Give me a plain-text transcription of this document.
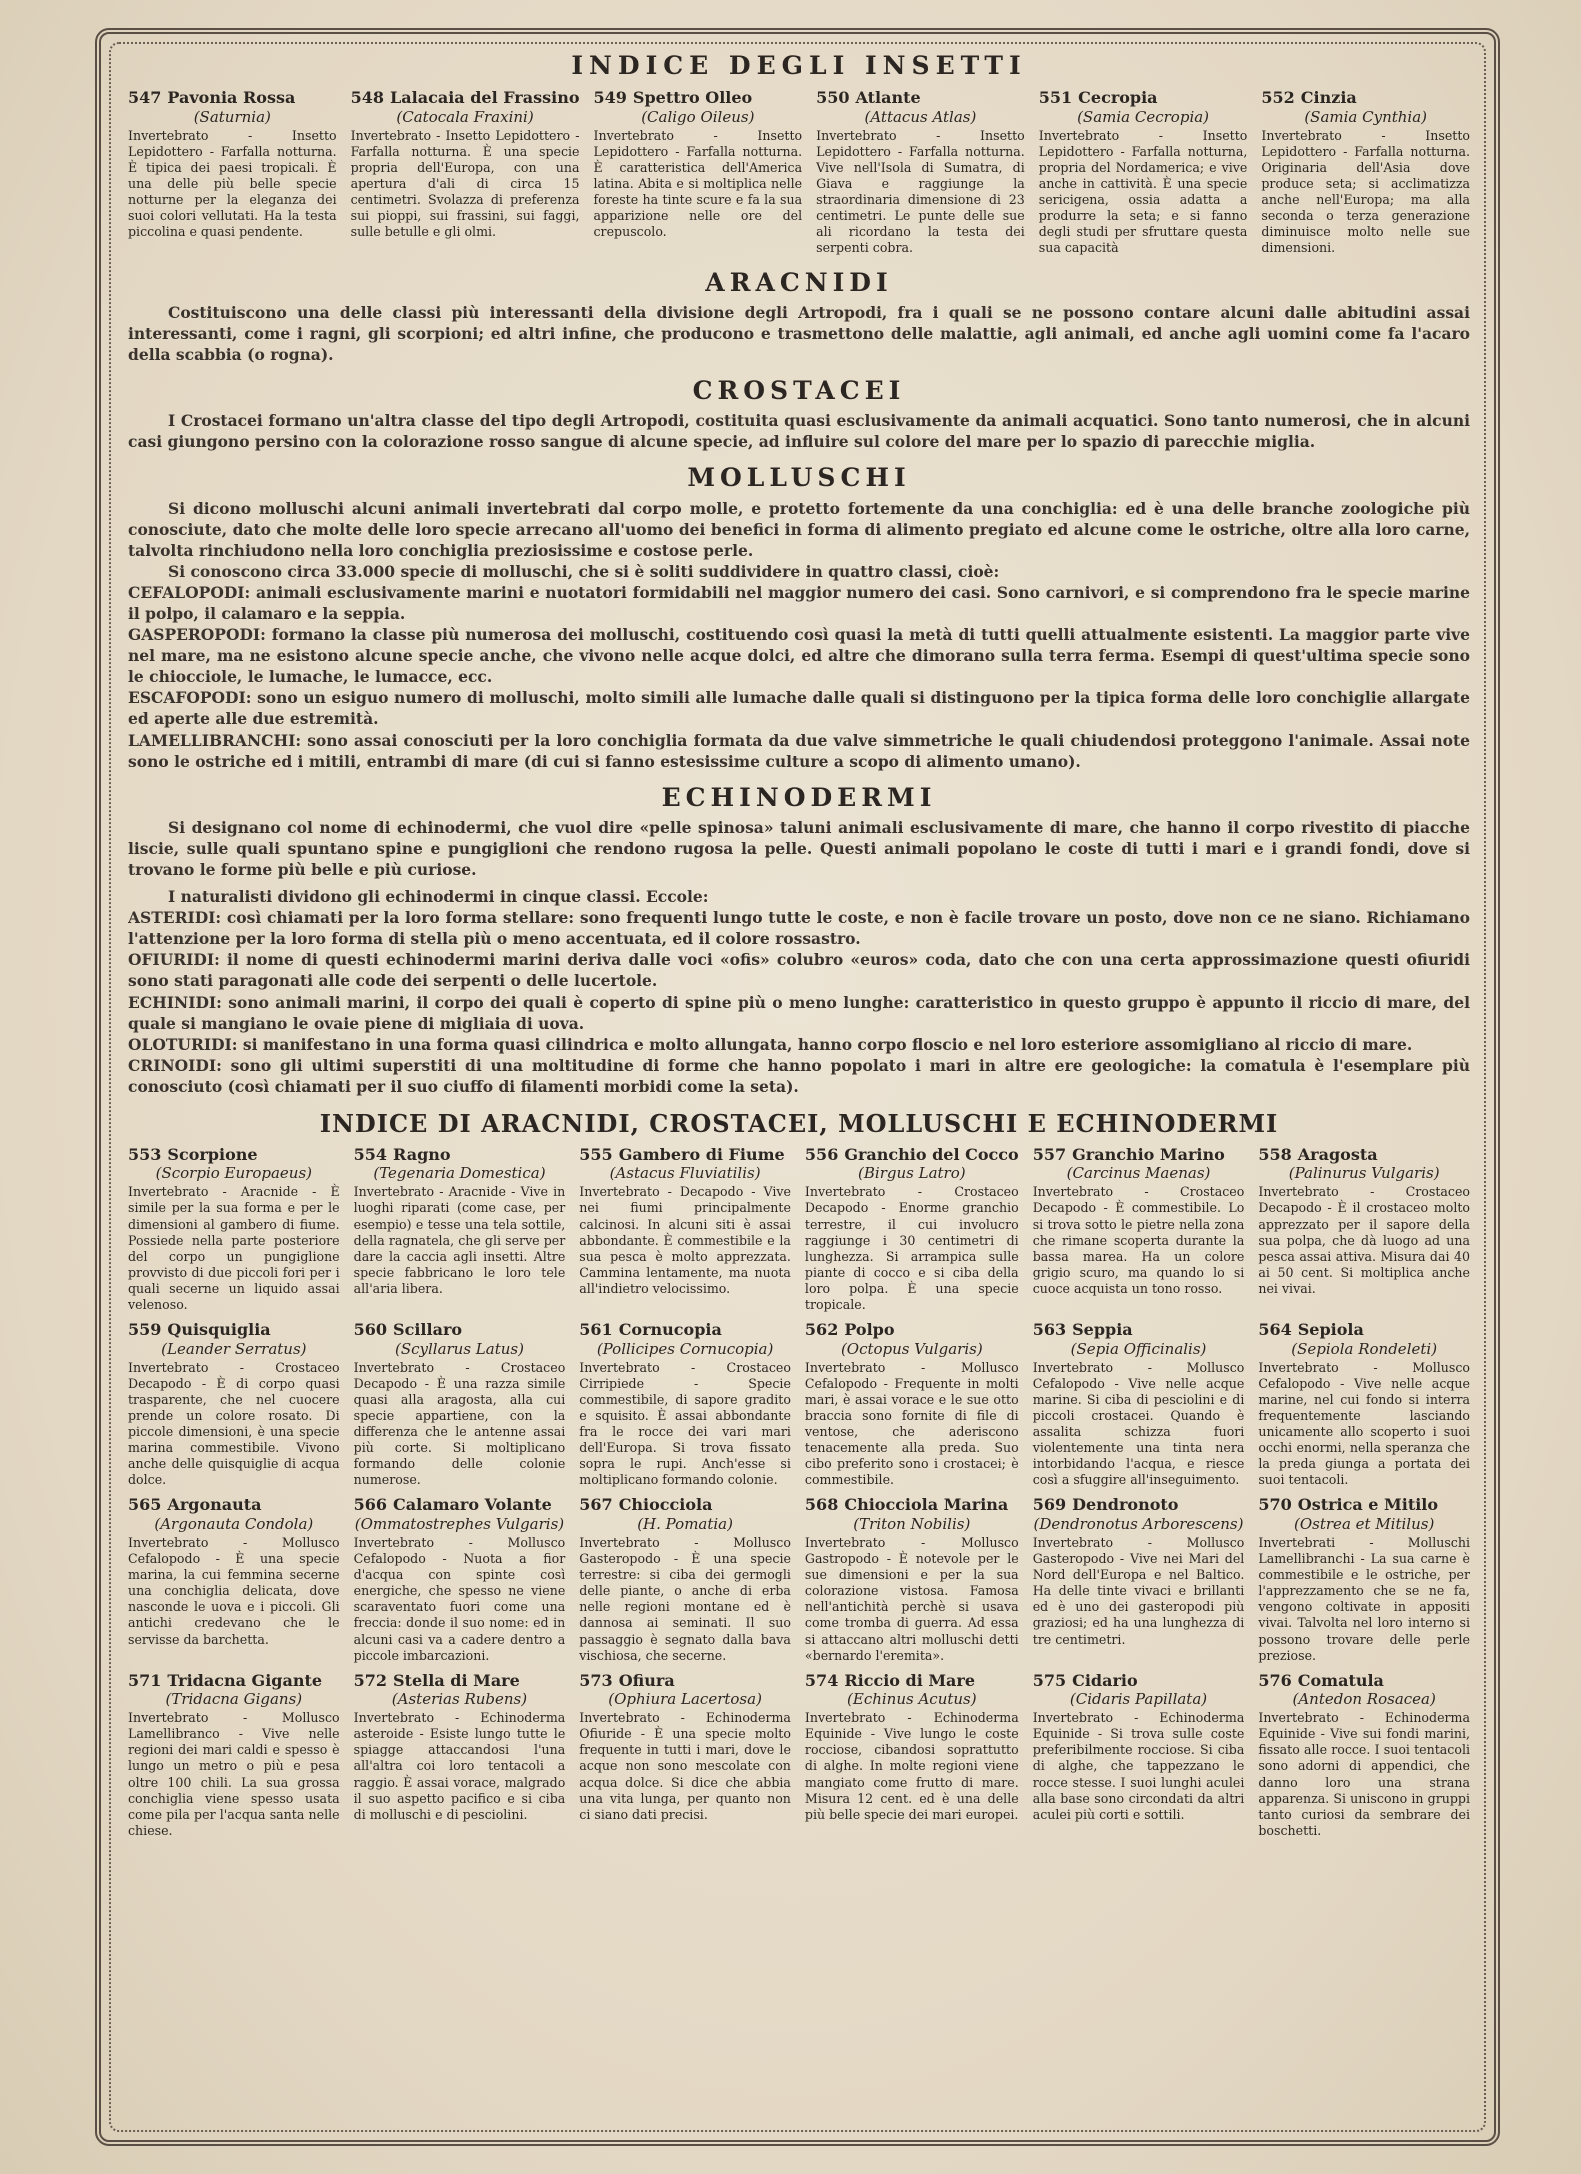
INDICE DEGLI INSETTI
547 Pavonia Rossa
(Saturnia)
Invertebrato - Insetto Lepidottero - Farfalla notturna. È tipica dei paesi tropicali. È una delle più belle specie notturne per la eleganza dei suoi colori vellutati. Ha la testa piccolina e quasi pendente.
548 Lalacaia del Frassino
(Catocala Fraxini)
Invertebrato - Insetto Lepidottero - Farfalla notturna. È una specie propria dell'Europa, con una apertura d'ali di circa 15 centimetri. Svolazza di preferenza sui pioppi, sui frassini, sui faggi, sulle betulle e gli olmi.
549 Spettro Olleo
(Caligo Oileus)
Invertebrato - Insetto Lepidottero - Farfalla notturna. È caratteristica dell'America latina. Abita e si moltiplica nelle foreste ha tinte scure e fa la sua apparizione nelle ore del crepuscolo.
550 Atlante
(Attacus Atlas)
Invertebrato - Insetto Lepidottero - Farfalla notturna. Vive nell'Isola di Sumatra, di Giava e raggiunge la straordinaria dimensione di 23 centimetri. Le punte delle sue ali ricordano la testa dei serpenti cobra.
551 Cecropia
(Samia Cecropia)
Invertebrato - Insetto Lepidottero - Farfalla notturna, propria del Nordamerica; e vive anche in cattività. È una specie sericigena, ossia adatta a produrre la seta; e si fanno degli studi per sfruttare questa sua capacità
552 Cinzia
(Samia Cynthia)
Invertebrato - Insetto Lepidottero - Farfalla notturna. Originaria dell'Asia dove produce seta; si acclimatizza anche nell'Europa; ma alla seconda o terza generazione diminuisce molto nelle sue dimensioni.
ARACNIDI

Costituiscono una delle classi più interessanti della divisione degli Artropodi, fra i quali se ne possono contare alcuni dalle abitudini assai interessanti, come i ragni, gli scorpioni; ed altri infine, che producono e trasmettono delle malattie, agli animali, ed anche agli uomini come fa l'acaro della scabbia (o rogna).

CROSTACEI

I Crostacei formano un'altra classe del tipo degli Artropodi, costituita quasi esclusivamente da animali acquatici. Sono tanto numerosi, che in alcuni casi giungono persino con la colorazione rosso sangue di alcune specie, ad influire sul colore del mare per lo spazio di parecchie miglia.

MOLLUSCHI

Si dicono molluschi alcuni animali invertebrati dal corpo molle, e protetto fortemente da una conchiglia: ed è una delle branche zoologiche più conosciute, dato che molte delle loro specie arrecano all'uomo dei benefici in forma di alimento pregiato ed alcune come le ostriche, oltre alla loro carne, talvolta rinchiudono nella loro conchiglia preziosissime e costose perle.

Si conoscono circa 33.000 specie di molluschi, che si è soliti suddividere in quattro classi, cioè:

CEFALOPODI: animali esclusivamente marini e nuotatori formidabili nel maggior numero dei casi. Sono carnivori, e si comprendono fra le specie marine il polpo, il calamaro e la seppia.

GASPEROPODI: formano la classe più numerosa dei molluschi, costituendo così quasi la metà di tutti quelli attualmente esistenti. La maggior parte vive nel mare, ma ne esistono alcune specie anche, che vivono nelle acque dolci, ed altre che dimorano sulla terra ferma. Esempi di quest'ultima specie sono le chiocciole, le lumache, le lumacce, ecc.

ESCAFOPODI: sono un esiguo numero di molluschi, molto simili alle lumache dalle quali si distinguono per la tipica forma delle loro conchiglie allargate ed aperte alle due estremità.

LAMELLIBRANCHI: sono assai conosciuti per la loro conchiglia formata da due valve simmetriche le quali chiudendosi proteggono l'animale. Assai note sono le ostriche ed i mitili, entrambi di mare (di cui si fanno estesissime culture a scopo di alimento umano).

ECHINODERMI

Si designano col nome di echinodermi, che vuol dire «pelle spinosa» taluni animali esclusivamente di mare, che hanno il corpo rivestito di piacche liscie, sulle quali spuntano spine e pungiglioni che rendono rugosa la pelle. Questi animali popolano le coste di tutti i mari e i grandi fondi, dove si trovano le forme più belle e più curiose.

I naturalisti dividono gli echinodermi in cinque classi. Eccole:

ASTERIDI: così chiamati per la loro forma stellare: sono frequenti lungo tutte le coste, e non è facile trovare un posto, dove non ce ne siano. Richiamano l'attenzione per la loro forma di stella più o meno accentuata, ed il colore rossastro.

OFIURIDI: il nome di questi echinodermi marini deriva dalle voci «ofis» colubro «euros» coda, dato che con una certa approssimazione questi ofiuridi sono stati paragonati alle code dei serpenti o delle lucertole.

ECHINIDI: sono animali marini, il corpo dei quali è coperto di spine più o meno lunghe: caratteristico in questo gruppo è appunto il riccio di mare, del quale si mangiano le ovaie piene di migliaia di uova.

OLOTURIDI: si manifestano in una forma quasi cilindrica e molto allungata, hanno corpo floscio e nel loro esteriore assomigliano al riccio di mare.

CRINOIDI: sono gli ultimi superstiti di una moltitudine di forme che hanno popolato i mari in altre ere geologiche: la comatula è l'esemplare più conosciuto (così chiamati per il suo ciuffo di filamenti morbidi come la seta).

INDICE DI ARACNIDI, CROSTACEI, MOLLUSCHI E ECHINODERMI
553 Scorpione
(Scorpio Europaeus)
Invertebrato - Aracnide - È simile per la sua forma e per le dimensioni al gambero di fiume. Possiede nella parte posteriore del corpo un pungiglione provvisto di due piccoli fori per i quali secerne un liquido assai velenoso.
554 Ragno
(Tegenaria Domestica)
Invertebrato - Aracnide - Vive in luoghi riparati (come case, per esempio) e tesse una tela sottile, della ragnatela, che gli serve per dare la caccia agli insetti. Altre specie fabbricano le loro tele all'aria libera.
555 Gambero di Fiume
(Astacus Fluviatilis)
Invertebrato - Decapodo - Vive nei fiumi principalmente calcinosi. In alcuni siti è assai abbondante. È commestibile e la sua pesca è molto apprezzata. Cammina lentamente, ma nuota all'indietro velocissimo.
556 Granchio del Cocco
(Birgus Latro)
Invertebrato - Crostaceo Decapodo - Enorme granchio terrestre, il cui involucro raggiunge i 30 centimetri di lunghezza. Si arrampica sulle piante di cocco e si ciba della loro polpa. È una specie tropicale.
557 Granchio Marino
(Carcinus Maenas)
Invertebrato - Crostaceo Decapodo - È commestibile. Lo si trova sotto le pietre nella zona che rimane scoperta durante la bassa marea. Ha un colore grigio scuro, ma quando lo si cuoce acquista un tono rosso.
558 Aragosta
(Palinurus Vulgaris)
Invertebrato - Crostaceo Decapodo - È il crostaceo molto apprezzato per il sapore della sua polpa, che dà luogo ad una pesca assai attiva. Misura dai 40 ai 50 cent. Si moltiplica anche nei vivai.
559 Quisquiglia
(Leander Serratus)
Invertebrato - Crostaceo Decapodo - È di corpo quasi trasparente, che nel cuocere prende un colore rosato. Di piccole dimensioni, è una specie marina commestibile. Vivono anche delle quisquiglie di acqua dolce.
560 Scillaro
(Scyllarus Latus)
Invertebrato - Crostaceo Decapodo - È una razza simile quasi alla aragosta, alla cui specie appartiene, con la differenza che le antenne assai più corte. Si moltiplicano formando delle colonie numerose.
561 Cornucopia
(Pollicipes Cornucopia)
Invertebrato - Crostaceo Cirripiede - Specie commestibile, di sapore gradito e squisito. È assai abbondante fra le rocce dei vari mari dell'Europa. Si trova fissato sopra le rupi. Anch'esse si moltiplicano formando colonie.
562 Polpo
(Octopus Vulgaris)
Invertebrato - Mollusco Cefalopodo - Frequente in molti mari, è assai vorace e le sue otto braccia sono fornite di file di ventose, che aderiscono tenacemente alla preda. Suo cibo preferito sono i crostacei; è commestibile.
563 Seppia
(Sepia Officinalis)
Invertebrato - Mollusco Cefalopodo - Vive nelle acque marine. Si ciba di pesciolini e di piccoli crostacei. Quando è assalita schizza fuori violentemente una tinta nera intorbidando l'acqua, e riesce così a sfuggire all'inseguimento.
564 Sepiola
(Sepiola Rondeleti)
Invertebrato - Mollusco Cefalopodo - Vive nelle acque marine, nel cui fondo si interra frequentemente lasciando unicamente allo scoperto i suoi occhi enormi, nella speranza che la preda giunga a portata dei suoi tentacoli.
565 Argonauta
(Argonauta Condola)
Invertebrato - Mollusco Cefalopodo - È una specie marina, la cui femmina secerne una conchiglia delicata, dove nasconde le uova e i piccoli. Gli antichi credevano che le servisse da barchetta.
566 Calamaro Volante
(Ommatostrephes Vulgaris)
Invertebrato - Mollusco Cefalopodo - Nuota a fior d'acqua con spinte così energiche, che spesso ne viene scaraventato fuori come una freccia: donde il suo nome: ed in alcuni casi va a cadere dentro a piccole imbarcazioni.
567 Chiocciola
(H. Pomatia)
Invertebrato - Mollusco Gasteropodo - È una specie terrestre: si ciba dei germogli delle piante, o anche di erba nelle regioni montane ed è dannosa ai seminati. Il suo passaggio è segnato dalla bava vischiosa, che secerne.
568 Chiocciola Marina
(Triton Nobilis)
Invertebrato - Mollusco Gastropodo - È notevole per le sue dimensioni e per la sua colorazione vistosa. Famosa nell'antichità perchè si usava come tromba di guerra. Ad essa si attaccano altri molluschi detti «bernardo l'eremita».
569 Dendronoto
(Dendronotus Arborescens)
Invertebrato - Mollusco Gasteropodo - Vive nei Mari del Nord dell'Europa e nel Baltico. Ha delle tinte vivaci e brillanti ed è uno dei gasteropodi più graziosi; ed ha una lunghezza di tre centimetri.
570 Ostrica e Mitilo
(Ostrea et Mitilus)
Invertebrati - Molluschi Lamellibranchi - La sua carne è commestibile e le ostriche, per l'apprezzamento che se ne fa, vengono coltivate in appositi vivai. Talvolta nel loro interno si possono trovare delle perle preziose.
571 Tridacna Gigante
(Tridacna Gigans)
Invertebrato - Mollusco Lamellibranco - Vive nelle regioni dei mari caldi e spesso è lungo un metro o più e pesa oltre 100 chili. La sua grossa conchiglia viene spesso usata come pila per l'acqua santa nelle chiese.
572 Stella di Mare
(Asterias Rubens)
Invertebrato - Echinoderma asteroide - Esiste lungo tutte le spiagge attaccandosi l'una all'altra coi loro tentacoli a raggio. È assai vorace, malgrado il suo aspetto pacifico e si ciba di molluschi e di pesciolini.
573 Ofiura
(Ophiura Lacertosa)
Invertebrato - Echinoderma Ofiuride - È una specie molto frequente in tutti i mari, dove le acque non sono mescolate con acqua dolce. Si dice che abbia una vita lunga, per quanto non ci siano dati precisi.
574 Riccio di Mare
(Echinus Acutus)
Invertebrato - Echinoderma Equinide - Vive lungo le coste rocciose, cibandosi soprattutto di alghe. In molte regioni viene mangiato come frutto di mare. Misura 12 cent. ed è una delle più belle specie dei mari europei.
575 Cidario
(Cidaris Papillata)
Invertebrato - Echinoderma Equinide - Si trova sulle coste preferibilmente rocciose. Si ciba di alghe, che tappezzano le rocce stesse. I suoi lunghi aculei alla base sono circondati da altri aculei più corti e sottili.
576 Comatula
(Antedon Rosacea)
Invertebrato - Echinoderma Equinide - Vive sui fondi marini, fissato alle rocce. I suoi tentacoli sono adorni di appendici, che danno loro una strana apparenza. Si uniscono in gruppi tanto curiosi da sembrare dei boschetti.
